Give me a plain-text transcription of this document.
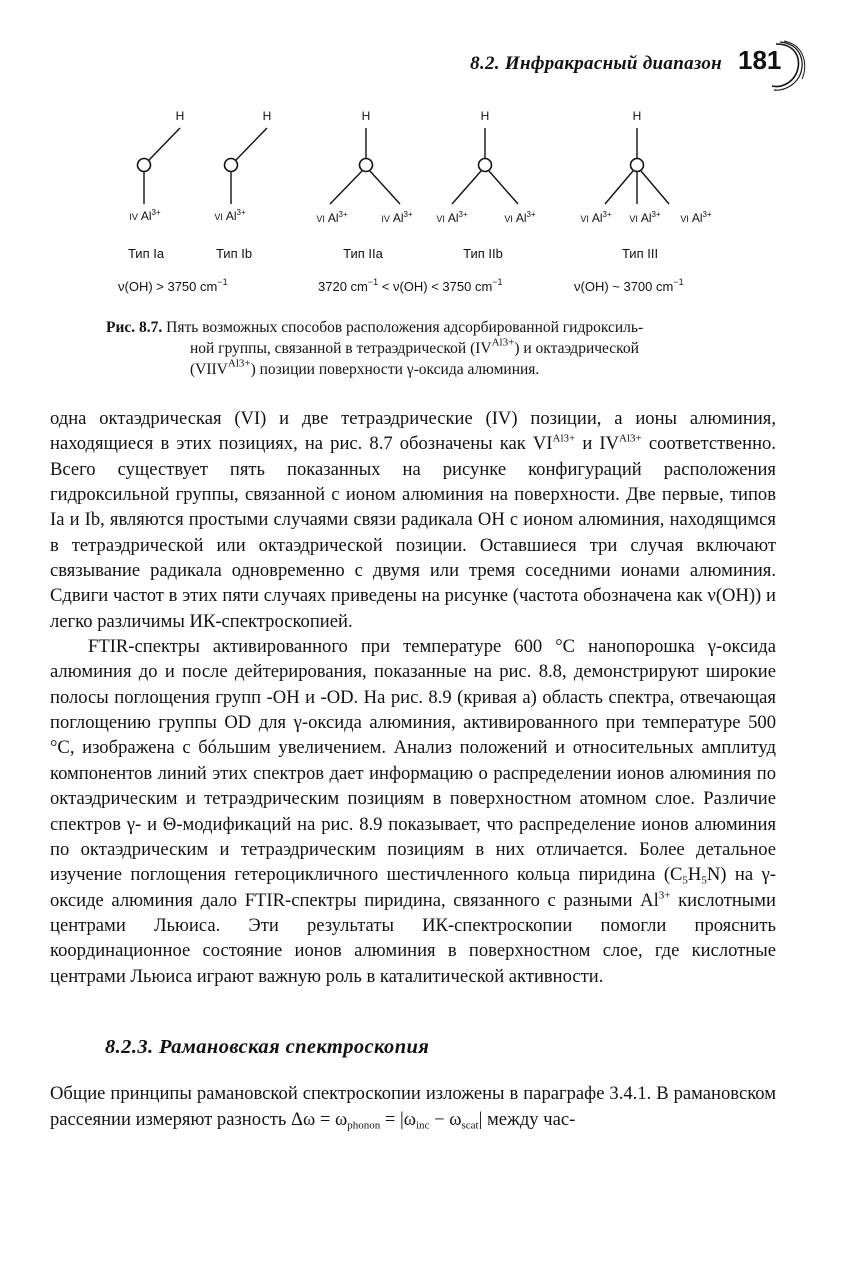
8.2. Инфракрасный диапазон 181
H
IV $Al^{3+}$
Тип Ia
H
VI $Al^{3+}$
Тип Ib
H
VI $Al^{3+}$	IV $Al^{3+}$
Тип IIa
H
VI $Al^{3+}$	VI $Al^{3+}$
Тип IIb
H
VI $Al^{3+}$ VI $Al^{3+}$ VI $Al^{3+}$
Тип III
ν(OH) > 3750 $cm^{-1}$	3720 $cm^{-1} < \nu(OH) < 3750$ $cm^{-1}$	ν(OH) ~ 3700 $cm^{-1}$
Рис. 8.7. Пять возможных способов расположения адсорбированной гидроксиль-
ной группы, связанной в тетраэдрической $(IV^{Al3+})$ и октаэдрической
$(VIIV^{Al3+})$ позиции поверхности γ-оксида алюминия.

одна октаэдрическая (VI) и две тетраэдрические (IV) позиции, а ионы алюминия, находящиеся в этих позициях, на рис. 8.7 обозначены как $VI^{Al3+}$ и $IV^{Al3+}$ соответственно. Всего существует пять показанных на рисунке конфигураций расположения гидроксильной группы, связанной с ионом алюминия на поверхности. Две первые, типов Ia и Ib, являются простыми случаями связи радикала OH с ионом алюминия, находящимся в тетраэдрической или октаэдрической позиции. Оставшиеся три случая включают связывание радикала одновременно с двумя или тремя соседними ионами алюминия. Сдвиги частот в этих пяти случаях приведены на рисунке (частота обозначена как ν(OH)) и легко различимы ИК-спектроскопией.

FTIR-спектры активированного при температуре 600 °С нанопорошка γ-оксида алюминия до и после дейтерирования, показанные на рис. 8.8, демонстрируют широкие полосы поглощения групп -OH и -OD. На рис. 8.9 (кривая а) область спектра, отвечающая поглощению группы OD для γ-оксида алюминия, активированного при температуре 500 °С, изображена с бóльшим увеличением. Анализ положений и относительных амплитуд компонентов линий этих спектров дает информацию о распределении ионов алюминия по октаэдрическим и тетраэдрическим позициям в поверхностном атомном слое. Различие спектров γ- и Θ-модификаций на рис. 8.9 показывает, что распределение ионов алюминия по октаэдрическим и тетраэдрическим позициям в них отличается. Более детальное изучение поглощения гетероцикличного шестичленного кольца пиридина $(C_5H_5N)$ на γ-оксиде алюминия дало FTIR-спектры пиридина, связанного с разными $Al^{3+}$ кислотными центрами Льюиса. Эти результаты ИК-спектроскопии помогли прояснить координационное состояние ионов алюминия в поверхностном слое, где кислотные центрами Льюиса играют важную роль в каталитической активности.

8.2.3. Рамановская спектроскопия

Общие принципы рамановской спектроскопии изложены в параграфе 3.4.1. В рамановском рассеянии измеряют разность $\Delta\omega = \omega_{phonon} = |\omega_{inc} - \omega_{scat}|$ между час-
